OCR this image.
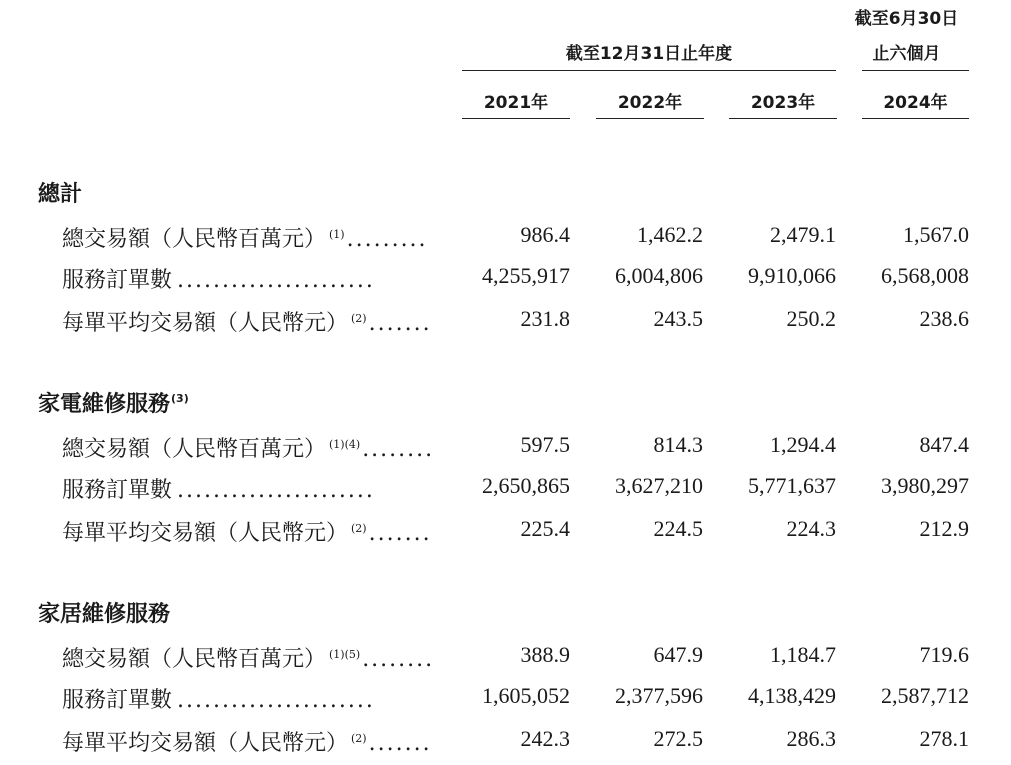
截至6月30日
截至12月31日止年度	止六個月
2021年	2022年	2023年	2024年
總計
總交易額（人民幣百萬元） $^{(1)}$.........	986.4	1,462.2	2,479.1	1,567.0
服務訂單數 ......................	4,255,917	6,004,806	9,910,066	6,568,008
每單平均交易額（人民幣元） $^{(2)}$.......	231.8	243.5	250.2	238.6
家電維修服務$^{(3)}$
總交易額（人民幣百萬元） $^{(1)(4)}$........	597.5	814.3	1,294.4	847.4
服務訂單數 ......................	2,650,865	3,627,210	5,771,637	3,980,297
每單平均交易額（人民幣元） $^{(2)}$.......	225.4	224.5	224.3	212.9
家居維修服務
總交易額（人民幣百萬元） $^{(1)(5)}$........	388.9	647.9	1,184.7	719.6
服務訂單數 ......................	1,605,052	2,377,596	4,138,429	2,587,712
每單平均交易額（人民幣元） $^{(2)}$.......	242.3	272.5	286.3	278.1
